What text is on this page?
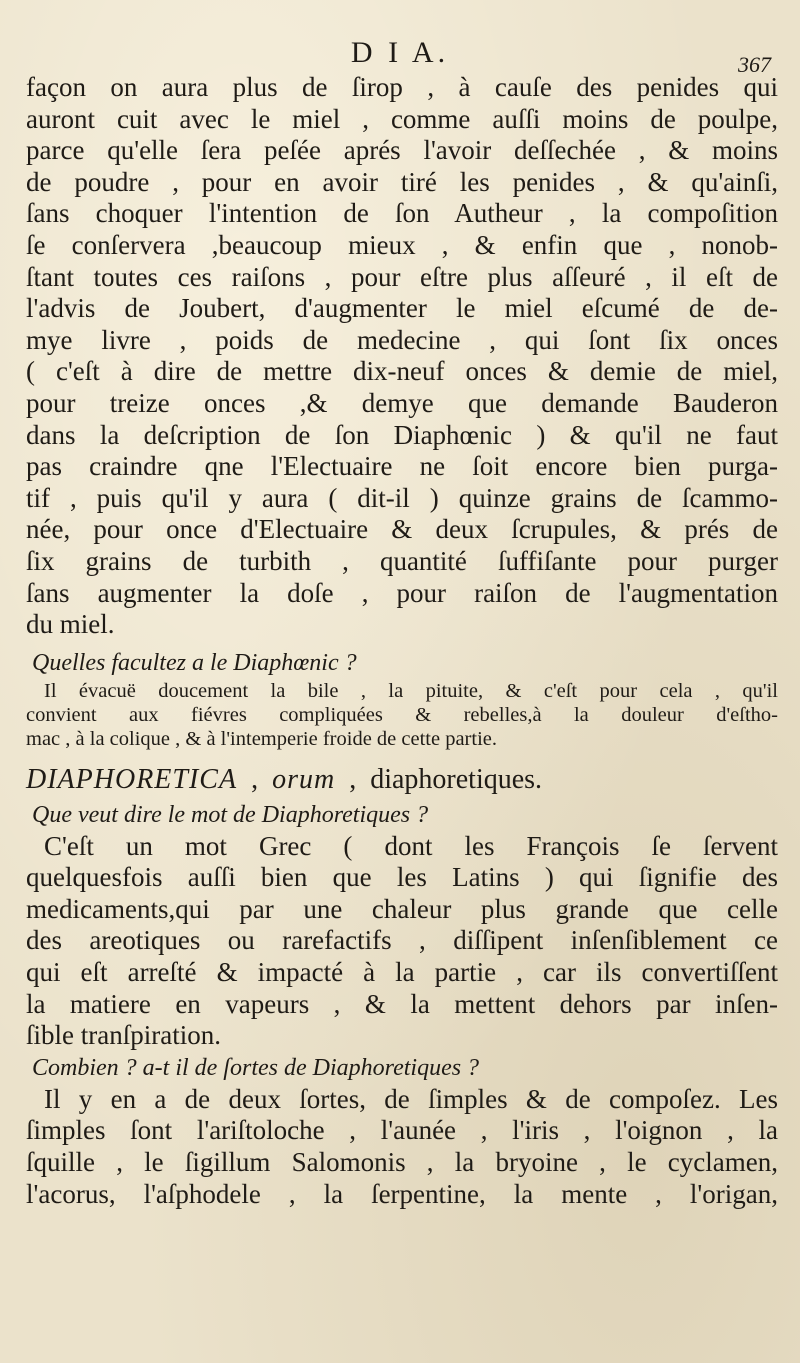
D I A.	367
façon on aura plus de ſirop , à cauſe des penides qui
auront cuit avec le miel , comme auſſi moins de poulpe,
parce qu'elle ſera peſée aprés l'avoir deſſechée , & moins
de poudre , pour en avoir tiré les penides , & qu'ainſi,
ſans choquer l'intention de ſon Autheur , la compoſition
ſe conſervera ,beaucoup mieux , & enfin que , nonob-
ſtant toutes ces raiſons , pour eſtre plus aſſeuré , il eſt de
l'advis de Joubert, d'augmenter le miel eſcumé de de-
mye livre , poids de medecine , qui ſont ſix onces
( c'eſt à dire de mettre dix-neuf onces & demie de miel,
pour treize onces ,& demye que demande Bauderon
dans la deſcription de ſon Diaphœnic ) & qu'il ne faut
pas craindre qne l'Electuaire ne ſoit encore bien purga-
tif , puis qu'il y aura ( dit-il ) quinze grains de ſcammo-
née, pour once d'Electuaire & deux ſcrupules, & prés de
ſix grains de turbith , quantité ſuffiſante pour purger
ſans augmenter la doſe , pour raiſon de l'augmentation
du miel.
Quelles facultez a le Diaphœnic ?
Il évacuë doucement la bile , la pituite, & c'eſt pour cela , qu'il
convient aux fiévres compliquées & rebelles,à la douleur d'eſtho-
mac , à la colique , & à l'intemperie froide de cette partie.
DIAPHORETICA  ,  orum  ,  diaphoretiques.
Que veut dire le mot de Diaphoretiques ?
C'eſt un mot Grec ( dont les François ſe ſervent
quelquesfois auſſi bien que les Latins ) qui ſignifie des
medicaments,qui par une chaleur plus grande que celle
des areotiques ou rarefactifs , diſſipent inſenſiblement ce
qui eſt arreſté & impacté à la partie , car ils convertiſſent
la matiere en vapeurs , & la mettent dehors par inſen-
ſible tranſpiration.
Combien ? a-t il de ſortes de Diaphoretiques ?
Il y en a de deux ſortes, de ſimples & de compoſez. Les
ſimples ſont l'ariſtoloche , l'aunée , l'iris , l'oignon , la
ſquille , le ſigillum Salomonis , la bryoine , le cyclamen,
l'acorus, l'aſphodele , la ſerpentine, la mente , l'origan,
